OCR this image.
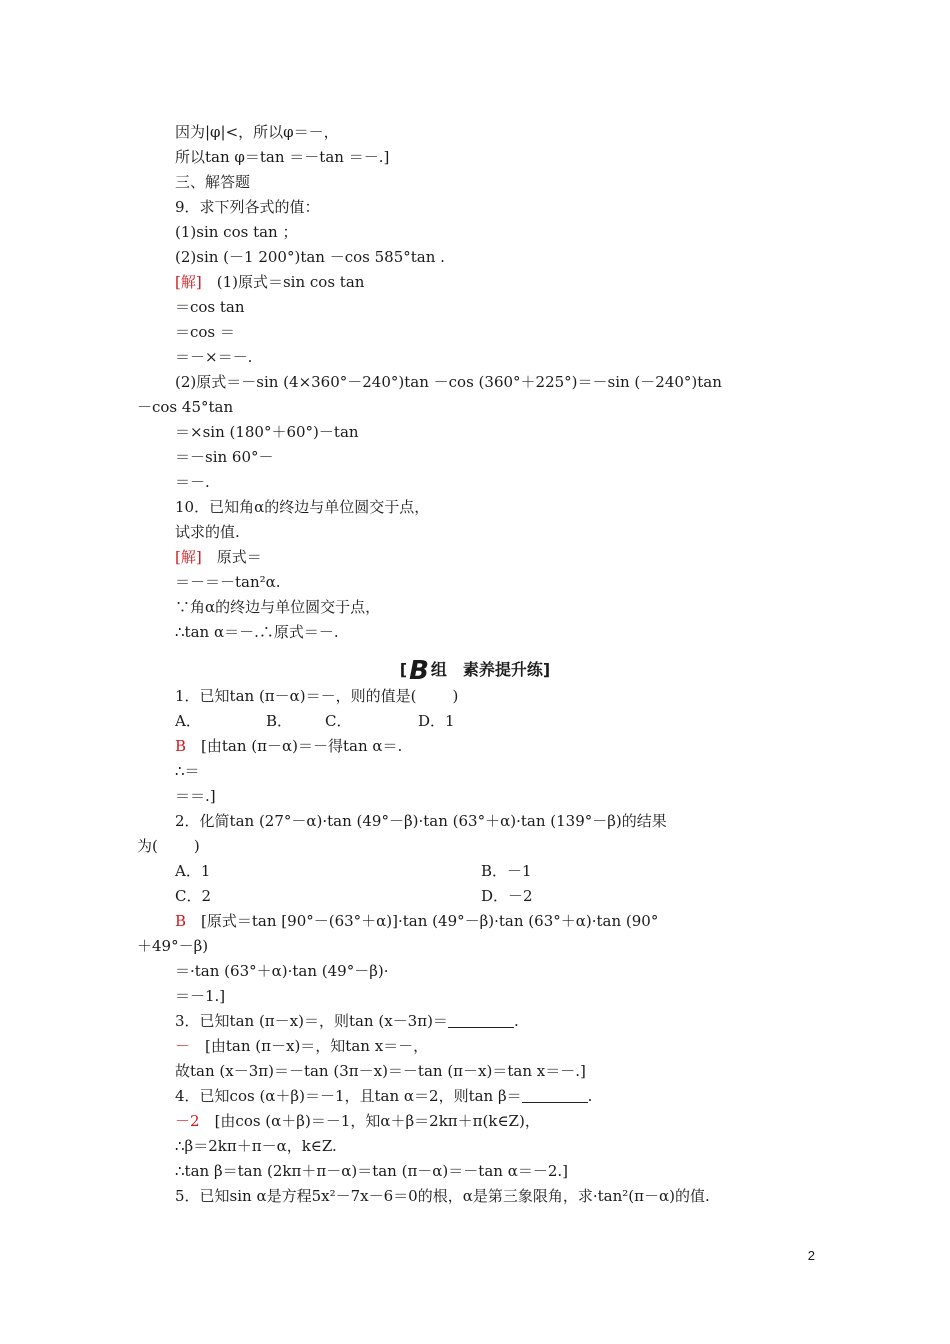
因为|φ|<，所以φ＝－，
所以tan φ＝tan ＝－tan ＝－.]
三、解答题
9．求下列各式的值：
(1)sin cos tan ；
(2)sin (－1 200°)tan －cos 585°tan .
[解]　 (1)原式＝sin cos tan
＝cos tan
＝cos ＝
＝－×＝－.
(2)原式＝－sin (4×360°－240°)tan －cos (360°＋225°)＝－sin (－240°)tan
－cos 45°tan
＝×sin (180°＋60°)－tan
＝－sin 60°－
＝－.
10．已知角α的终边与单位圆交于点，
试求的值.
[解]　 原式＝
＝－＝－tan²α.
∵角α的终边与单位圆交于点，
∴tan α＝－.∴原式＝－.
[B 组　素养提升练]
1．已知tan (π－α)＝－，则的值是( )
A．	B． C．	D．1
B　 [由tan (π－α)＝－得tan α＝.
∴＝
＝＝.]
2．化简tan (27°－α)·tan (49°－β)·tan (63°＋α)·tan (139°－β)的结果
为( )
A．1	B．－1
C．2	D．－2
B　 [原式＝tan [90°－(63°＋α)]·tan (49°－β)·tan (63°＋α)·tan (90°
＋49°－β)
＝·tan (63°＋α)·tan (49°－β)·
＝－1.]
3．已知tan (π－x)＝，则tan (x－3π)＝	.
－　 [由tan (π－x)＝，知tan x＝－，
故tan (x－3π)＝－tan (3π－x)＝－tan (π－x)＝tan x＝－.]
4．已知cos (α＋β)＝－1，且tan α＝2，则tan β＝	.
－2　 [由cos (α＋β)＝－1，知α＋β＝2kπ＋π(k∈Z)，
∴β＝2kπ＋π－α，k∈Z.
∴tan β＝tan (2kπ＋π－α)＝tan (π－α)＝－tan α＝－2.]
5．已知sin α是方程5x²－7x－6＝0的根，α是第三象限角，求·tan²(π－α)的值.
2
